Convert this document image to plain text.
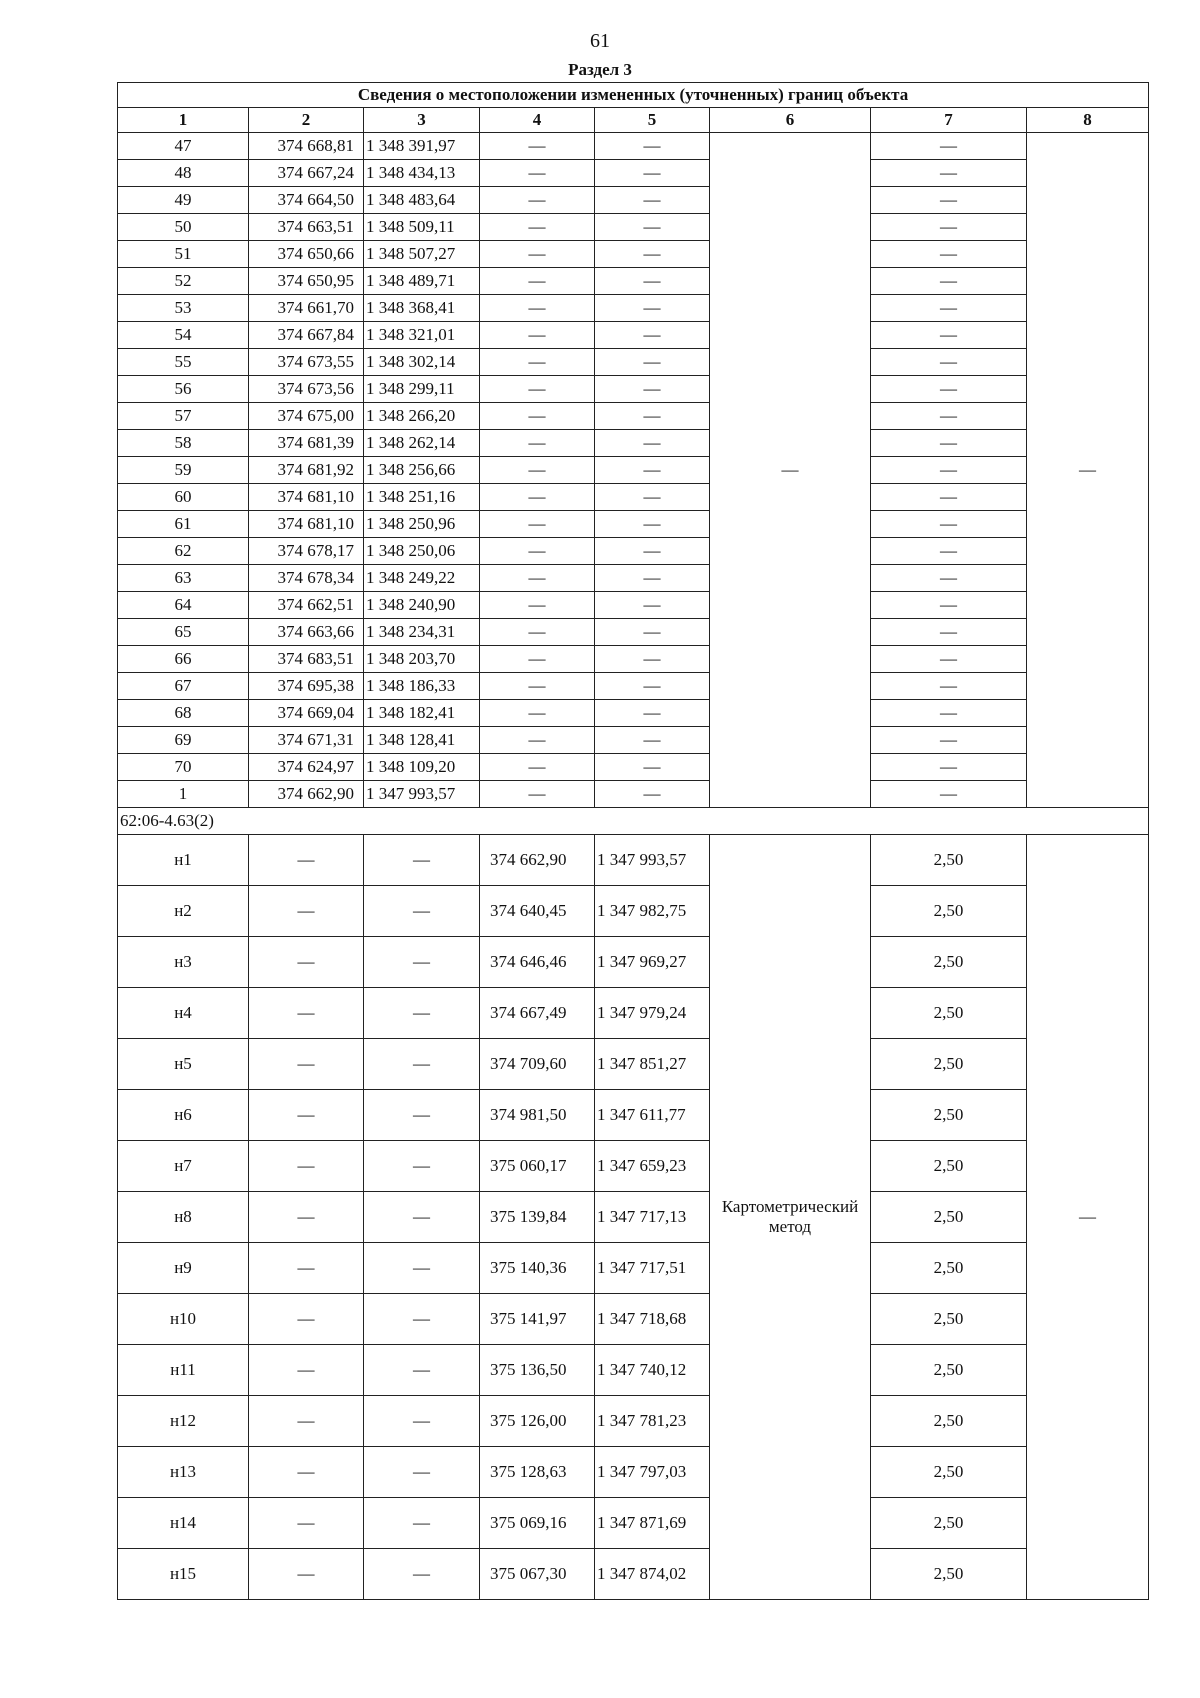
61
Раздел 3
Сведения о местоположении измененных (уточненных) границ объекта							
1	2	3	4	5	6	7	8
47	374 668,81	1 348 391,97	—	—	—	—	—
48	374 667,24	1 348 434,13	—	—		—	
49	374 664,50	1 348 483,64	—	—		—	
50	374 663,51	1 348 509,11	—	—		—	
51	374 650,66	1 348 507,27	—	—		—	
52	374 650,95	1 348 489,71	—	—		—	
53	374 661,70	1 348 368,41	—	—		—	
54	374 667,84	1 348 321,01	—	—		—	
55	374 673,55	1 348 302,14	—	—		—	
56	374 673,56	1 348 299,11	—	—		—	
57	374 675,00	1 348 266,20	—	—		—	
58	374 681,39	1 348 262,14	—	—		—	
59	374 681,92	1 348 256,66	—	—		—	
60	374 681,10	1 348 251,16	—	—		—	
61	374 681,10	1 348 250,96	—	—		—	
62	374 678,17	1 348 250,06	—	—		—	
63	374 678,34	1 348 249,22	—	—		—	
64	374 662,51	1 348 240,90	—	—		—	
65	374 663,66	1 348 234,31	—	—		—	
66	374 683,51	1 348 203,70	—	—		—	
67	374 695,38	1 348 186,33	—	—		—	
68	374 669,04	1 348 182,41	—	—		—	
69	374 671,31	1 348 128,41	—	—		—	
70	374 624,97	1 348 109,20	—	—		—	
1	374 662,90	1 347 993,57	—	—		—	
62:06-4.63(2)							
н1	—	—	374 662,90	1 347 993,57	Картометрический метод	2,50	—
н2	—	—	374 640,45	1 347 982,75		2,50	
н3	—	—	374 646,46	1 347 969,27		2,50	
н4	—	—	374 667,49	1 347 979,24		2,50	
н5	—	—	374 709,60	1 347 851,27		2,50	
н6	—	—	374 981,50	1 347 611,77		2,50	
н7	—	—	375 060,17	1 347 659,23		2,50	
н8	—	—	375 139,84	1 347 717,13		2,50	
н9	—	—	375 140,36	1 347 717,51		2,50	
н10	—	—	375 141,97	1 347 718,68		2,50	
н11	—	—	375 136,50	1 347 740,12		2,50	
н12	—	—	375 126,00	1 347 781,23		2,50	
н13	—	—	375 128,63	1 347 797,03		2,50	
н14	—	—	375 069,16	1 347 871,69		2,50	
н15	—	—	375 067,30	1 347 874,02		2,50	
